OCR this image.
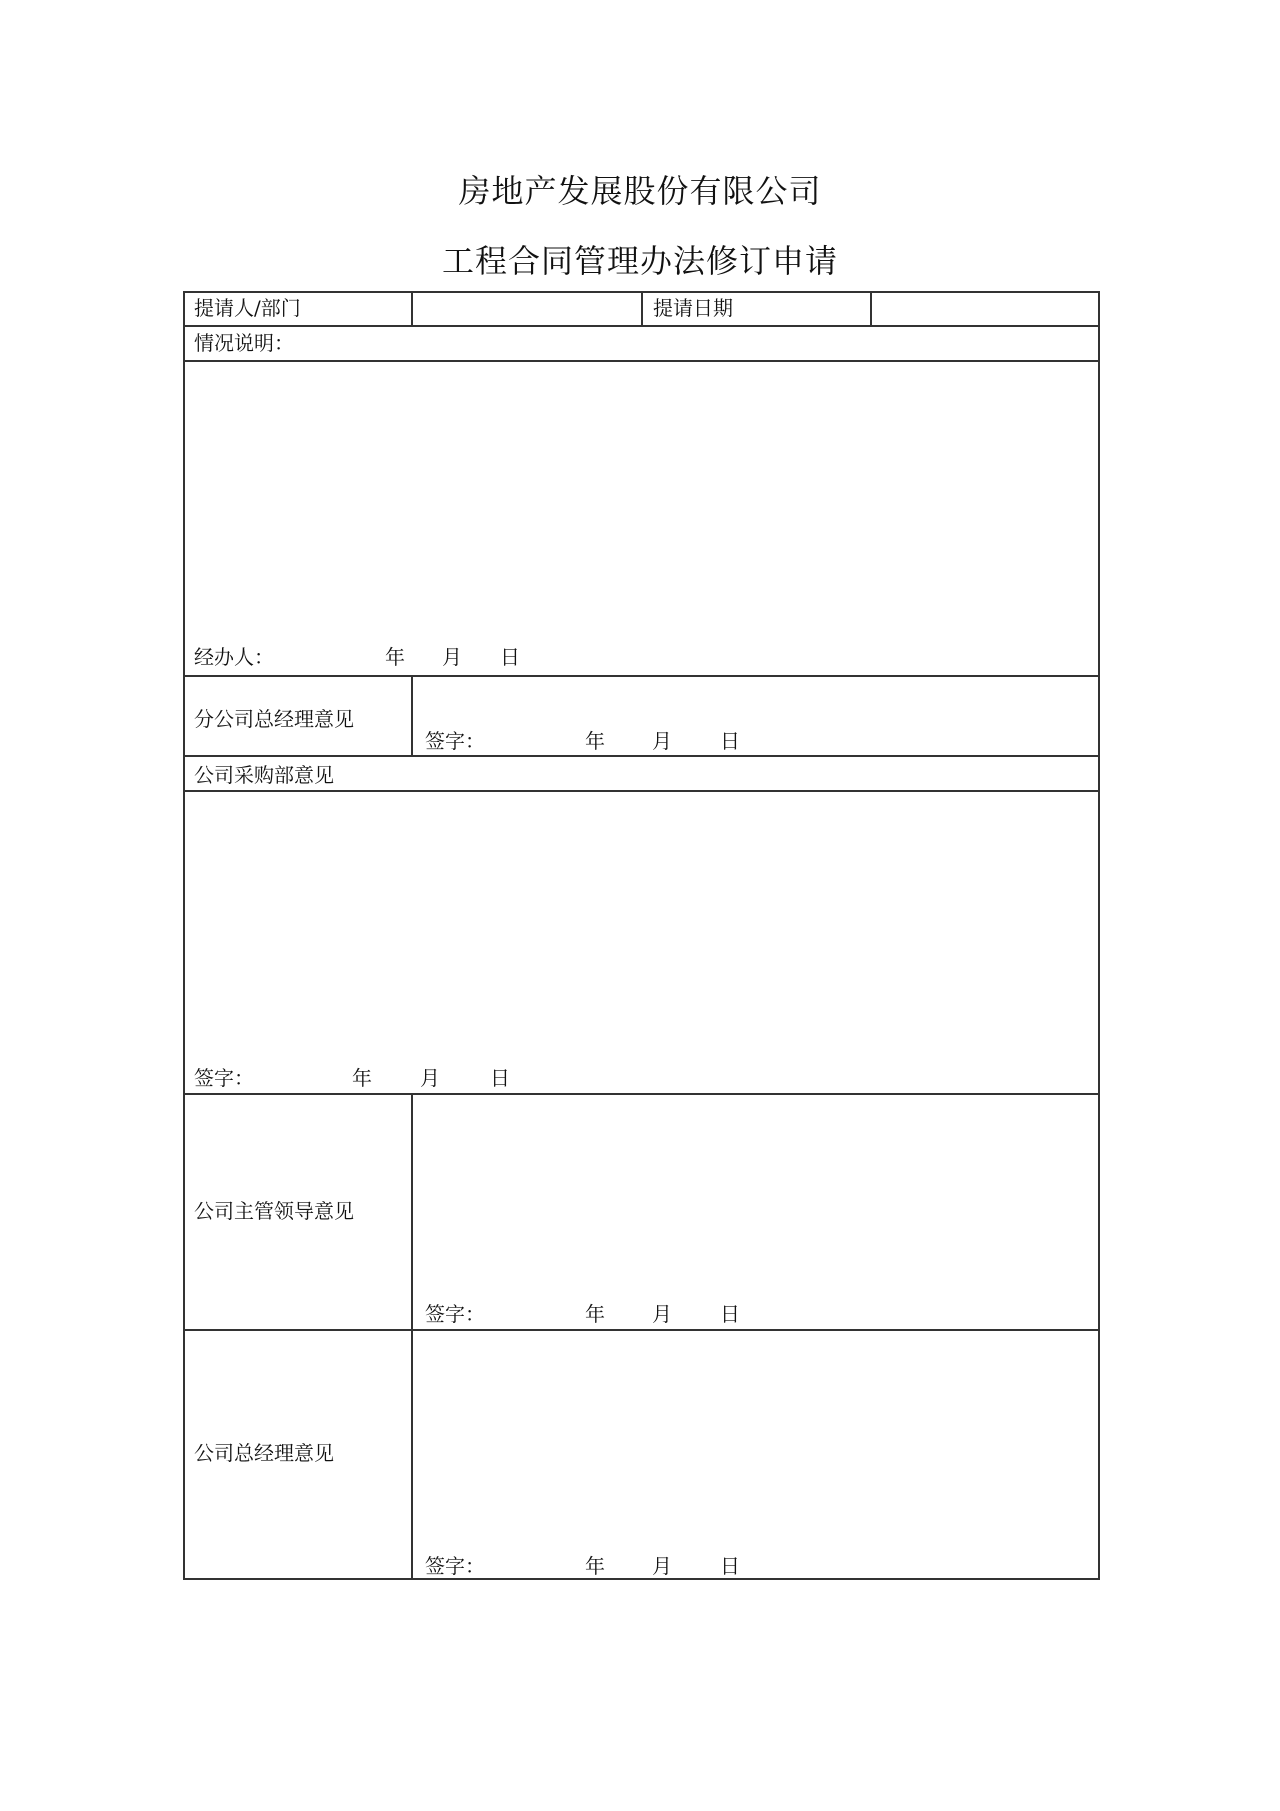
房地产发展股份有限公司
工程合同管理办法修订申请
提请人/部门	提请日期
情况说明：
经办人：	年 月 日
分公司总经理意见
签字：	年 月 日
公司采购部意见
签字：	年 月	日
公司主管领导意见
签字：	年 月 日
公司总经理意见
签字：	年 月 日
